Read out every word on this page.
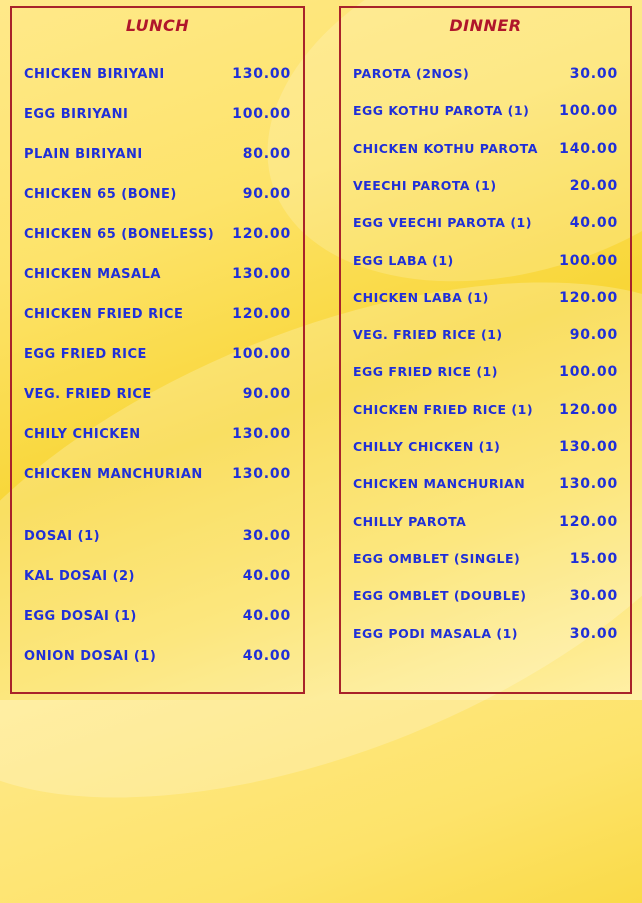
LUNCH
CHICKEN BIRIYANI	130.00
EGG BIRIYANI	100.00
PLAIN BIRIYANI	80.00
CHICKEN 65 (BONE)	90.00
CHICKEN 65 (BONELESS) 120.00
CHICKEN MASALA	130.00
CHICKEN FRIED RICE	120.00
EGG FRIED RICE	100.00
VEG. FRIED RICE	90.00
CHILY CHICKEN	130.00
CHICKEN MANCHURIAN 130.00
DOSAI (1)	30.00
KAL DOSAI (2)	40.00
EGG DOSAI (1)	40.00
ONION DOSAI (1)	40.00
DINNER
PAROTA (2NOS)	30.00
EGG KOTHU PAROTA (1) 100.00
CHICKEN KOTHU PAROTA 140.00
VEECHI PAROTA (1)	20.00
EGG VEECHI PAROTA (1)	40.00
EGG LABA (1)	100.00
CHICKEN LABA (1)	120.00
VEG. FRIED RICE (1)	90.00
EGG FRIED RICE (1)	100.00
CHICKEN FRIED RICE (1) 120.00
CHILLY CHICKEN (1)	130.00
CHICKEN MANCHURIAN 130.00
CHILLY PAROTA	120.00
EGG OMBLET (SINGLE)	15.00
EGG OMBLET (DOUBLE)	30.00
EGG PODI MASALA (1)	30.00
